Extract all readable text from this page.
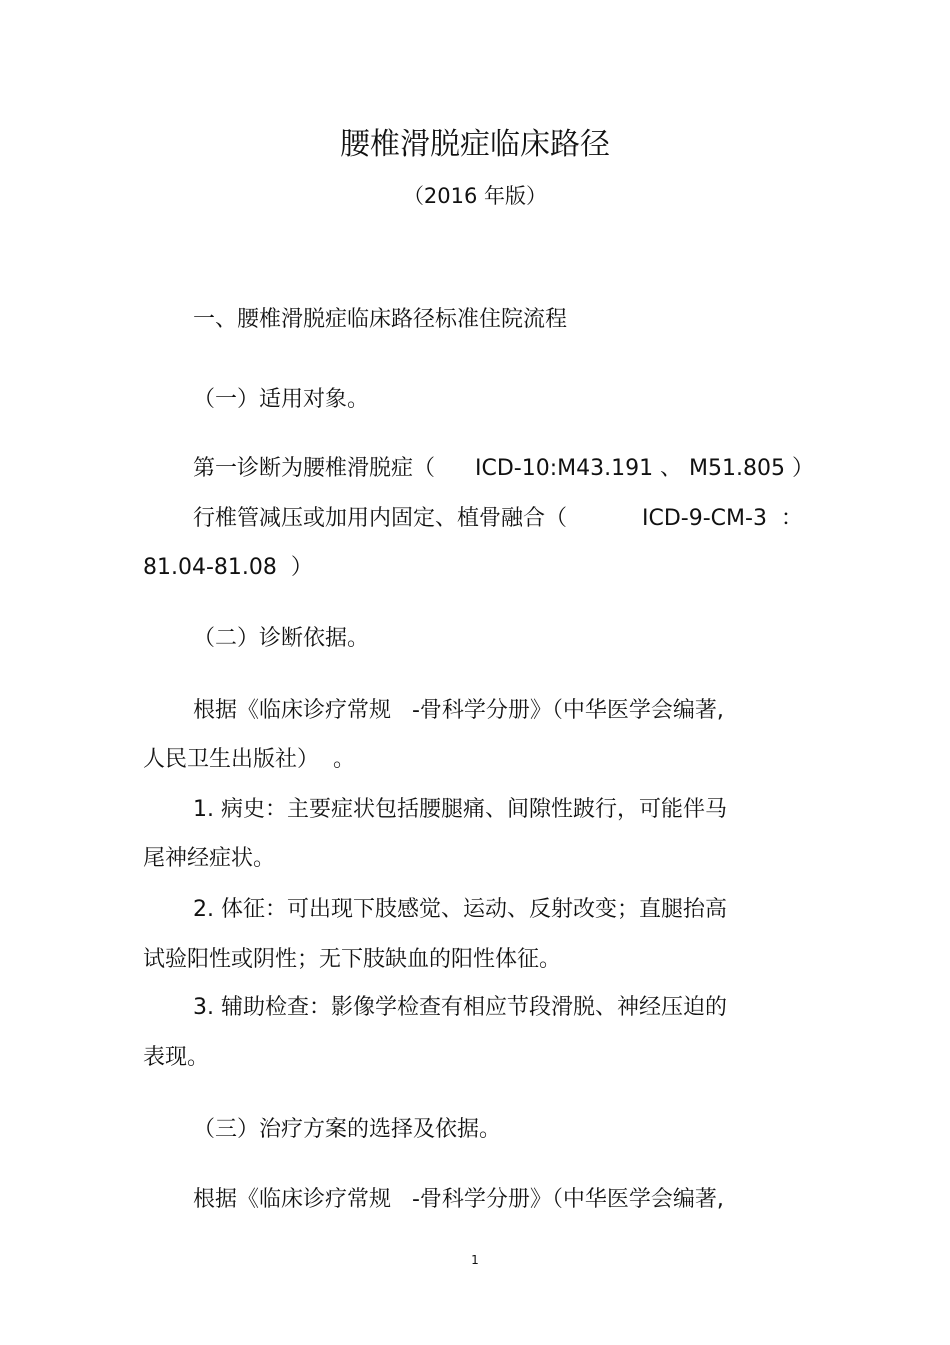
腰椎滑脱症临床路径
（2016 年版）
一、腰椎滑脱症临床路径标准住院流程
（一）适用对象。
第一诊断为腰椎滑脱症（ ICD-10:M43.191 、 M51.805 ）
行椎管减压或加用内固定、植骨融合（	ICD-9-CM-3  ：
81.04-81.08  ）
（二）诊断依据。
根据《临床诊疗常规   -骨科学分册》（中华医学会编著,
人民卫生出版社）  。
1. 病史：主要症状包括腰腿痛、间隙性跛行，可能伴马
尾神经症状。
2. 体征：可出现下肢感觉、运动、反射改变；直腿抬高
试验阳性或阴性；无下肢缺血的阳性体征。
3. 辅助检查：影像学检查有相应节段滑脱、神经压迫的
表现。
（三）治疗方案的选择及依据。
根据《临床诊疗常规   -骨科学分册》（中华医学会编著,
1
